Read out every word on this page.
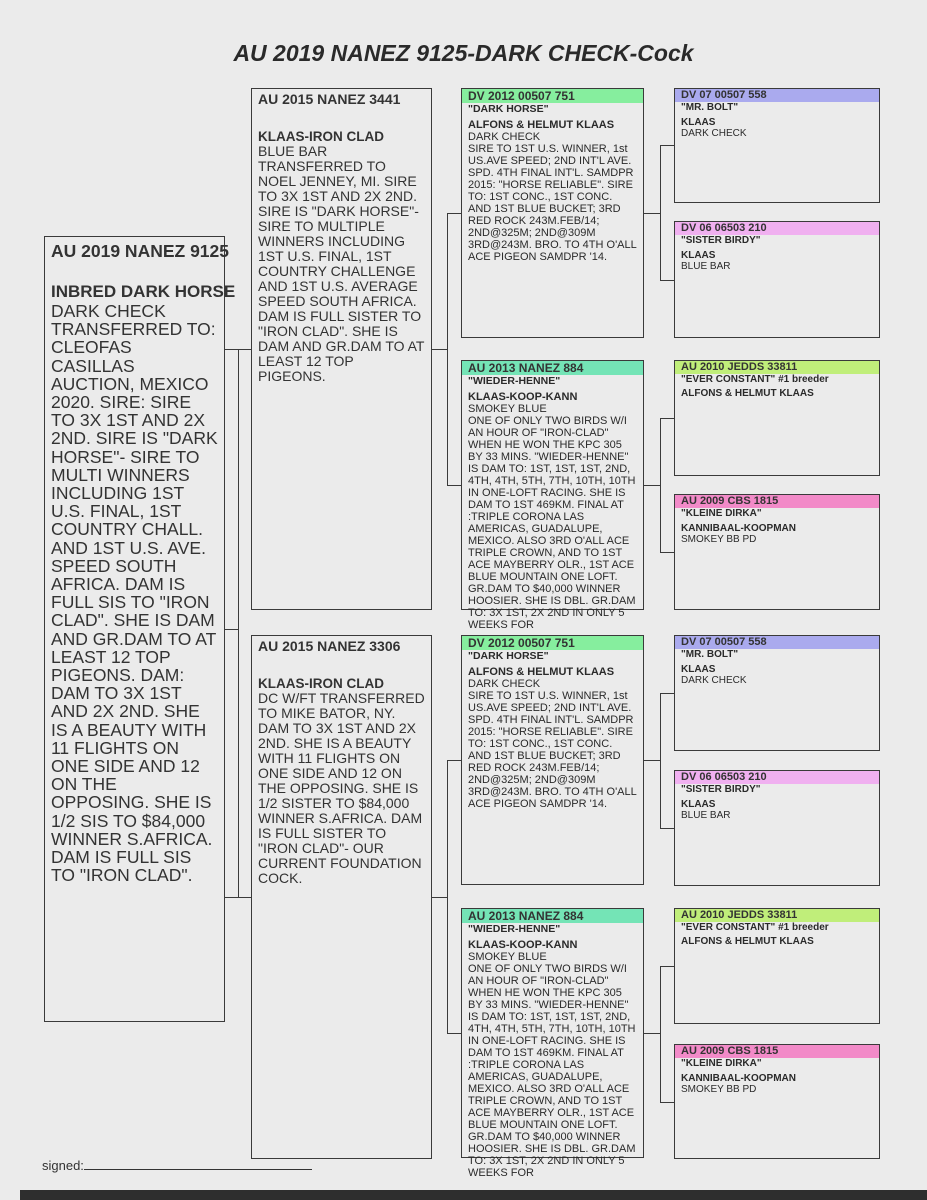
AU 2019 NANEZ 9125-DARK CHECK-Cock
AU 2019 NANEZ 9125
INBRED DARK HORSE
DARK CHECK TRANSFERRED TO: CLEOFAS CASILLAS AUCTION, MEXICO 2020. SIRE: SIRE TO 3X 1ST AND 2X 2ND. SIRE IS "DARK HORSE"- SIRE TO MULTI WINNERS INCLUDING 1ST U.S. FINAL, 1ST COUNTRY CHALL. AND 1ST U.S. AVE. SPEED SOUTH AFRICA. DAM IS FULL SIS TO "IRON CLAD". SHE IS DAM AND GR.DAM TO AT LEAST 12 TOP PIGEONS. DAM: DAM TO 3X 1ST AND 2X 2ND. SHE IS A BEAUTY WITH 11 FLIGHTS ON ONE SIDE AND 12 ON THE OPPOSING. SHE IS 1/2 SIS TO $84,000 WINNER S.AFRICA. DAM IS FULL SIS TO "IRON CLAD".
AU 2015 NANEZ 3441
KLAAS-IRON CLAD
BLUE BAR TRANSFERRED TO NOEL JENNEY, MI. SIRE TO 3X 1ST AND 2X 2ND. SIRE IS "DARK HORSE"- SIRE TO MULTIPLE WINNERS INCLUDING 1ST U.S. FINAL, 1ST COUNTRY CHALLENGE AND 1ST U.S. AVERAGE SPEED SOUTH AFRICA. DAM IS FULL SISTER TO "IRON CLAD". SHE IS DAM AND GR.DAM TO AT LEAST 12 TOP PIGEONS.
AU 2015 NANEZ 3306
KLAAS-IRON CLAD
DC W/FT TRANSFERRED TO MIKE BATOR, NY. DAM TO 3X 1ST AND 2X 2ND. SHE IS A BEAUTY WITH 11 FLIGHTS ON ONE SIDE AND 12 ON THE OPPOSING. SHE IS 1/2 SISTER TO $84,000 WINNER S.AFRICA. DAM IS FULL SISTER TO "IRON CLAD"- OUR CURRENT FOUNDATION COCK.
DV 2012 00507 751
"DARK HORSE"
ALFONS & HELMUT KLAAS
DARK CHECK
SIRE TO 1ST U.S. WINNER, 1st US.AVE SPEED; 2ND INT'L AVE. SPD. 4TH FINAL INT'L. SAMDPR 2015: "HORSE RELIABLE". SIRE TO: 1ST CONC., 1ST CONC. AND 1ST BLUE BUCKET; 3RD RED ROCK 243M.FEB/14; 2ND@325M; 2ND@309M 3RD@243M. BRO. TO 4TH O'ALL ACE PIGEON SAMDPR '14.
AU 2013 NANEZ 884
"WIEDER-HENNE"
KLAAS-KOOP-KANN
SMOKEY BLUE
ONE OF ONLY TWO BIRDS W/I AN HOUR OF "IRON-CLAD" WHEN HE WON THE KPC 305 BY 33 MINS. "WIEDER-HENNE" IS DAM TO: 1ST, 1ST, 1ST, 2ND, 4TH, 4TH, 5TH, 7TH, 10TH, 10TH IN ONE-LOFT RACING. SHE IS DAM TO 1ST 469KM. FINAL AT :TRIPLE CORONA LAS AMERICAS, GUADALUPE, MEXICO. ALSO 3RD O'ALL ACE TRIPLE CROWN, AND TO 1ST ACE MAYBERRY OLR., 1ST ACE BLUE MOUNTAIN ONE LOFT. GR.DAM TO $40,000 WINNER HOOSIER. SHE IS DBL. GR.DAM TO: 3X 1ST, 2X 2ND IN ONLY 5 WEEKS FOR
DV 2012 00507 751
"DARK HORSE"
ALFONS & HELMUT KLAAS
DARK CHECK
SIRE TO 1ST U.S. WINNER, 1st US.AVE SPEED; 2ND INT'L AVE. SPD. 4TH FINAL INT'L. SAMDPR 2015: "HORSE RELIABLE". SIRE TO: 1ST CONC., 1ST CONC. AND 1ST BLUE BUCKET; 3RD RED ROCK 243M.FEB/14; 2ND@325M; 2ND@309M 3RD@243M. BRO. TO 4TH O'ALL ACE PIGEON SAMDPR '14.
AU 2013 NANEZ 884
"WIEDER-HENNE"
KLAAS-KOOP-KANN
SMOKEY BLUE
ONE OF ONLY TWO BIRDS W/I AN HOUR OF "IRON-CLAD" WHEN HE WON THE KPC 305 BY 33 MINS. "WIEDER-HENNE" IS DAM TO: 1ST, 1ST, 1ST, 2ND, 4TH, 4TH, 5TH, 7TH, 10TH, 10TH IN ONE-LOFT RACING. SHE IS DAM TO 1ST 469KM. FINAL AT :TRIPLE CORONA LAS AMERICAS, GUADALUPE, MEXICO. ALSO 3RD O'ALL ACE TRIPLE CROWN, AND TO 1ST ACE MAYBERRY OLR., 1ST ACE BLUE MOUNTAIN ONE LOFT. GR.DAM TO $40,000 WINNER HOOSIER. SHE IS DBL. GR.DAM TO: 3X 1ST, 2X 2ND IN ONLY 5 WEEKS FOR
DV 07 00507 558
"MR. BOLT"
KLAAS
DARK CHECK
DV 06 06503 210
"SISTER BIRDY"
KLAAS
BLUE BAR
AU 2010 JEDDS 33811
"EVER CONSTANT" #1 breeder
ALFONS & HELMUT KLAAS
AU 2009 CBS 1815
"KLEINE DIRKA"
KANNIBAAL-KOOPMAN
SMOKEY BB PD
DV 07 00507 558
"MR. BOLT"
KLAAS
DARK CHECK
DV 06 06503 210
"SISTER BIRDY"
KLAAS
BLUE BAR
AU 2010 JEDDS 33811
"EVER CONSTANT" #1 breeder
ALFONS & HELMUT KLAAS
AU 2009 CBS 1815
"KLEINE DIRKA"
KANNIBAAL-KOOPMAN
SMOKEY BB PD
signed:
